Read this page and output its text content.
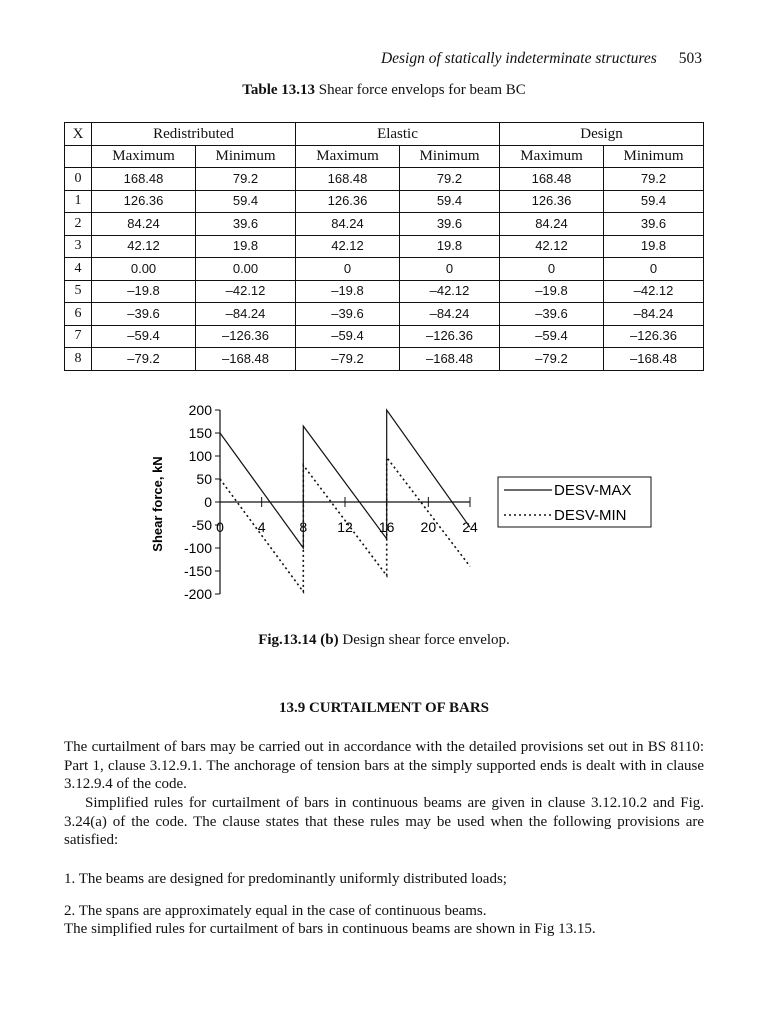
Design of statically indeterminate structures 503
Table 13.13 Shear force envelops for beam BC
X	Redistributed		Elastic		Design	
	Maximum	Minimum	Maximum	Minimum	Maximum	Minimum
0	168.48	79.2	168.48	79.2	168.48	79.2
1	126.36	59.4	126.36	59.4	126.36	59.4
2	84.24	39.6	84.24	39.6	84.24	39.6
3	42.12	19.8	42.12	19.8	42.12	19.8
4	0.00	0.00	0	0	0	0
5	–19.8	–42.12	–19.8	–42.12	–19.8	–42.12
6	–39.6	–84.24	–39.6	–84.24	–39.6	–84.24
7	–59.4	–126.36	–59.4	–126.36	–59.4	–126.36
8	–79.2	–168.48	–79.2	–168.48	–79.2	–168.48
Shear force, kN
200
150
100
50
0
-50
-100
-150
-200
0 4 8 12 16 20 24
DESV-MAX
DESV-MIN
Fig.13.14 (b) Design shear force envelop.
13.9 CURTAILMENT OF BARS
The curtailment of bars may be carried out in accordance with the detailed provisions set out in BS 8110: Part 1, clause 3.12.9.1. The anchorage of tension bars at the simply supported ends is dealt with in clause 3.12.9.4 of the code.
Simplified rules for curtailment of bars in continuous beams are given in clause 3.12.10.2 and Fig. 3.24(a) of the code. The clause states that these rules may be used when the following provisions are satisfied:
1. The beams are designed for predominantly uniformly distributed loads;
2. The spans are approximately equal in the case of continuous beams.
The simplified rules for curtailment of bars in continuous beams are shown in Fig 13.15.
